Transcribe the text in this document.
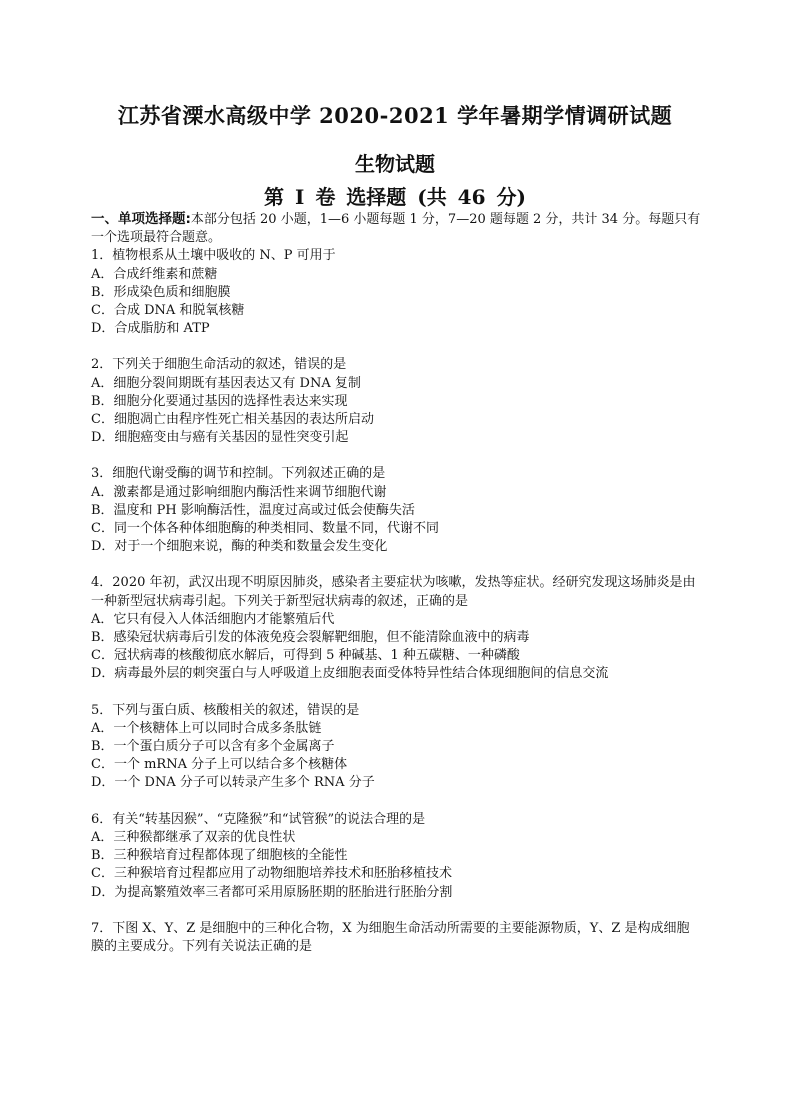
江苏省溧水高级中学 2020-2021 学年暑期学情调研试题
生物试题
第 I 卷 选择题 (共 46 分)

一、单项选择题:本部分包括 20 小题，1—6 小题每题 1 分，7—20 题每题 2 分，共计 34 分。每题只有一个选项最符合题意。

1．植物根系从土壤中吸收的 N、P 可用于
A．合成纤维素和蔗糖
B．形成染色质和细胞膜
C．合成 DNA 和脱氧核糖
D．合成脂肪和 ATP
2．下列关于细胞生命活动的叙述，错误的是
A．细胞分裂间期既有基因表达又有 DNA 复制
B．细胞分化要通过基因的选择性表达来实现
C．细胞凋亡由程序性死亡相关基因的表达所启动
D．细胞癌变由与癌有关基因的显性突变引起
3．细胞代谢受酶的调节和控制。下列叙述正确的是
A．激素都是通过影响细胞内酶活性来调节细胞代谢
B．温度和 PH 影响酶活性，温度过高或过低会使酶失活
C．同一个体各种体细胞酶的种类相同、数量不同，代谢不同
D．对于一个细胞来说，酶的种类和数量会发生变化
4．2020 年初，武汉出现不明原因肺炎，感染者主要症状为咳嗽，发热等症状。经研究发现这场肺炎是由一种新型冠状病毒引起。下列关于新型冠状病毒的叙述，正确的是
A．它只有侵入人体活细胞内才能繁殖后代
B．感染冠状病毒后引发的体液免疫会裂解靶细胞，但不能清除血液中的病毒
C．冠状病毒的核酸彻底水解后，可得到 5 种碱基、1 种五碳糖、一种磷酸
D．病毒最外层的刺突蛋白与人呼吸道上皮细胞表面受体特异性结合体现细胞间的信息交流
5．下列与蛋白质、核酸相关的叙述，错误的是
A．一个核糖体上可以同时合成多条肽链
B．一个蛋白质分子可以含有多个金属离子
C．一个 mRNA 分子上可以结合多个核糖体
D．一个 DNA 分子可以转录产生多个 RNA 分子
6．有关“转基因猴”、“克隆猴”和“试管猴”的说法合理的是
A．三种猴都继承了双亲的优良性状
B．三种猴培育过程都体现了细胞核的全能性
C．三种猴培育过程都应用了动物细胞培养技术和胚胎移植技术
D．为提高繁殖效率三者都可采用原肠胚期的胚胎进行胚胎分割
7．下图 X、Y、Z 是细胞中的三种化合物，X 为细胞生命活动所需要的主要能源物质，Y、Z 是构成细胞膜的主要成分。下列有关说法正确的是
